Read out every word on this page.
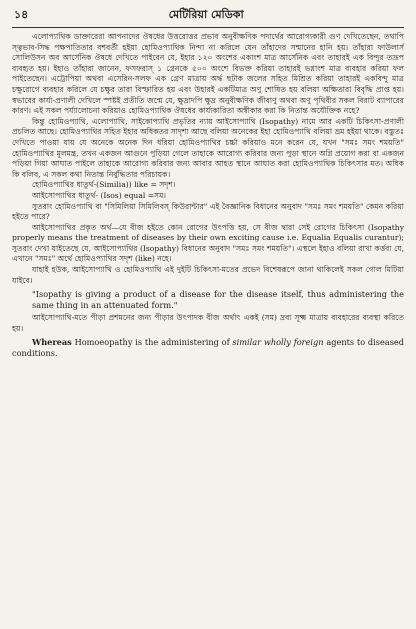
১৪	মেটিরিয়া মেডিকা

এলোপ্যাথিক ডাক্তারেরা আপনাদের ঔষধের উত্তরোত্তর প্রভাব অনুবীক্ষণিক পদার্থের আরোগ্যকারী গুণ দেখিতেছেন, তথাপি স্ত্বভাব-সিদ্ধ পক্ষপাতিতার বশবর্তী হইয়া হোমিওপ্যাথিক নিন্দা না করিলে যেন তাঁহাদের সম্মানের হানি হয়। তাঁহারা ফাউলার্স সোলিউসন অব আর্সেনিক ঔষধে দেখিতে পাইবেন যে, ইহার ১২০ অংশের একাংশ মাত্র আর্সেনিক এবং তাহারই এক বিন্দুর তদ্রূপ ব্যবহৃত হয়। ইহাও তাঁহারা জানেন, ফসফরাস্ ১ গ্রেনকে ৫০০ অংশে বিভক্ত করিয়া তাহারই ভগ্নাংশ মাত্র ব্যবহার করিয়া ফল পাইতেছেন। এট্রোপিয়া অথবা এসেরিন-সলফ এক গ্রেণ মাত্রায় অর্দ্ধ ছটাক জলের সহিত মিশ্রিত করিয়া তাহারই একবিন্দু মাত্র চক্ষুরোগে ব্যবহার করিলে যে চক্ষুর তারা বিস্ফারিত হয় এবং উহারই একটিমাত্র অণু শোষিত হয় বলিয়া অক্ষিতারা বিবৃদ্ধি প্রাপ্ত হয়। স্বভাবের কার্য্য-প্রণালী দেখিলে স্পষ্টই প্রতীতি জন্মে যে, ক্ষুদ্রাদপি ক্ষুদ্র অনুবীক্ষণিক জীবাণু অথবা অণু পৃথিবীর সকল বিরাট ব্যাপারের কারণ। এই সকল পর্য্যালোচনা করিয়াও হোমিওপ্যাথিক ঔষধের কার্য্যকারিতা অস্বীকার করা কি নিতান্ত অযৌক্তিক নহে?

কিন্তু হোমিওপ্যাথি, এলোপ্যাথি, সাইকোপ্যাথি প্রভৃতির ন্যায় আইসোপ্যাথি (Isopathy) নামে আর একটি চিকিৎসা-প্রণালী প্রচলিত আছে। হোমিওপ্যাথির সহিত ইহার অধিকতর সাদৃশ্য আছে বলিয়া অনেকের ইহা হোমিওপ্যাথি বলিয়া ভ্রম হইয়া থাকে। বস্তুতঃ দেখিতে পাওয়া যায় যে অনেকে অনেক দিন ধরিয়া হোমিওপ্যাথির চর্চ্চা করিয়াও মনে করেন যে, যখন "সমঃ সমং শময়তি" হোমিওপ্যাথির মূলমন্ত্র, তখন একজন আগুনে পুড়িয়া গেলে তাহাকে আরোগ্য করিবার জন্য পুড়া স্থানে অগ্নি প্রয়োগ করা বা একজন পড়িয়া গিয়া আঘাত পাইলে তাহাকে আরোগ্য করিবার জন্য আবার আহত স্থানে আঘাত করা হোমিওপ্যাথিক চিকিৎসার মত। অধিক কি বলিব, এ সকল কথা নিতান্ত নির্বুদ্ধিতার পরিচায়ক।

হোমিওপ্যাথির ধাতুর্থ-(Similia)) like = সদৃশ।

আইসোপ্যাথির ধাতুর্থ- (Isos) equal =সম।

সুতরাং হোমিওপ্যাথি বা "সিমিলিয়া সিমিলিবস্ কিউরান্টার" এই বৈজ্ঞানিক বিধানের অনুবাদ "সমঃ সমং শময়তি" কেমন করিয়া হইতে পারে?

আইসোপ্যাথির প্রকৃত অর্থ—যে বীজ হইতে কোন রোগের উৎপত্তি হয়, সে বীজ দ্বারা সেই রোগের চিকিৎসা (Isopathy properly means the treatment of diseases by their own exciting cause i.e. Equalia Equalis curantur); সুতরাং দেখা যাইতেছে যে, আইসোপ্যাথির (Isopathy) বিধানের অনুবাদ "সমঃ সমং শময়তি"। এস্থলে ইহাও বলিয়া রাখা কর্ত্তব্য যে, এখানে "সমঃ" অর্থে হোমিওপ্যাথির সদৃশ (like) নহে।

যাহাই হউক, আইসোপ্যাথি ও হোমিওপ্যাথি এই দুইটি চিকিৎসা-মতের প্রভেদ বিশেষরূপে জানা থাকিলেই সকল গোল মিটিয়া যাইবে।

"Isopathy is giving a product of a disease for the disease itself, thus administering the same thing in an attenuated form."

আইসোপ্যাথি-মতে পীড়া প্রশমনের জন্য পীড়ার উৎপাদক বীজ অর্থাৎ একই (সম) দ্রব্য সূক্ষ্ম মাত্রায় ব্যবহারের ব্যবস্থা করিতে হয়।

Whereas Homoeopathy is the administering of similar wholly foreign agents to diseased conditions.
